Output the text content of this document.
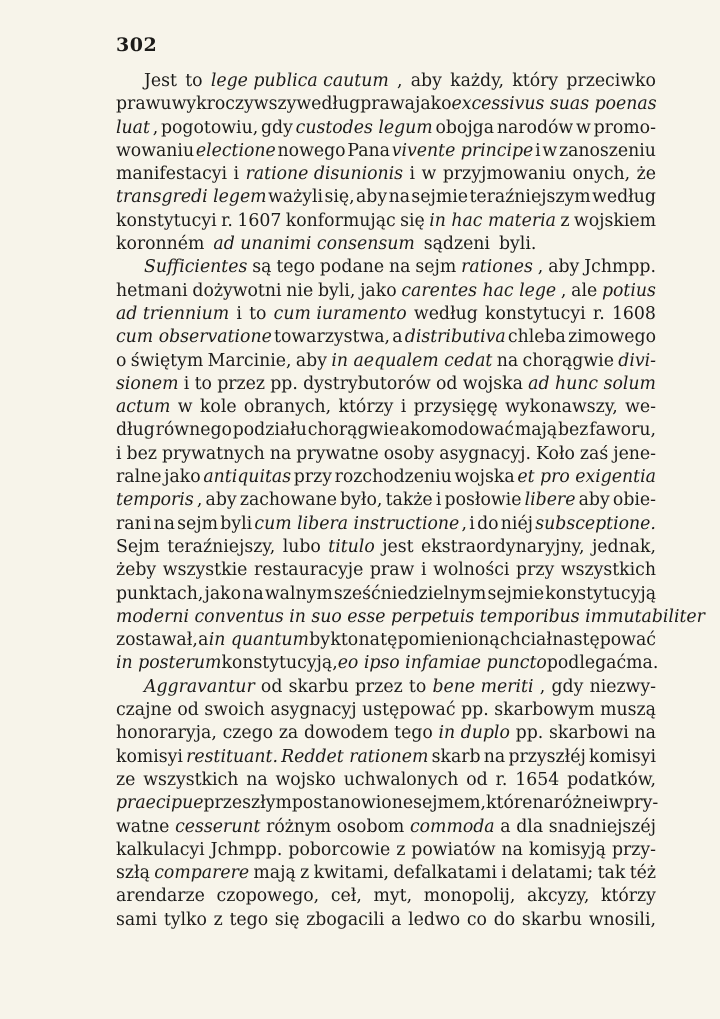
302
Jest to lege publica cautum , aby każdy, który przeciwko
prawu wykroczywszy według prawa jako excessivus suas poenas
luat , pogotowiu, gdy custodes legum obojga narodów w promo-
wowaniu electione nowego Pana vivente principe i w zanoszeniu
manifestacyi i ratione disunionis i w przyjmowaniu onych, że
transgredi legem ważyli się, aby na sejmie teraźniejszym według
konstytucyi r. 1607 konformując się in hac materia z wojskiem
koronném ad unanimi consensum sądzeni byli.
Sufficientes są tego podane na sejm rationes , aby Jchmpp.
hetmani dożywotni nie byli, jako carentes hac lege , ale potius
ad triennium i to cum iuramento według konstytucyi r. 1608
cum observatione towarzystwa, a distributiva chleba zimowego
o świętym Marcinie, aby in aequalem cedat na chorągwie divi-
sionem i to przez pp. dystrybutorów od wojska ad hunc solum
actum w kole obranych, którzy i przysięgę wykonawszy, we-
dług równego podziału chorągwie akomodować mają bez faworu,
i bez prywatnych na prywatne osoby asygnacyj. Koło zaś jene-
ralne jako antiquitas przy rozchodzeniu wojska et pro exigentia
temporis , aby zachowane było, także i posłowie libere aby obie-
rani na sejm byli cum libera instructione , i do niéj subsceptione.
Sejm teraźniejszy, lubo titulo jest ekstraordynaryjny, jednak,
żeby wszystkie restauracyje praw i wolności przy wszystkich
punktach, jako na walnym sześćniedzielnym sejmie konstytucyją
moderni conventus in suo esse perpetuis temporibus immutabiliter
zostawał, a in quantum by kto na tę pomienioną chciał następować
in posterum konstytucyją, eo ipso infamiae puncto podlegać ma.
Aggravantur od skarbu przez to bene meriti , gdy niezwy-
czajne od swoich asygnacyj ustępować pp. skarbowym muszą
honoraryja, czego za dowodem tego in duplo pp. skarbowi na
komisyi restituant. Reddet rationem skarb na przyszłéj komisyi
ze wszystkich na wojsko uchwalonych od r. 1654 podatków,
praecipue przeszłym postanowione sejmem, które na różne i w pry-
watne cesserunt różnym osobom commoda a dla snadniejszéj
kalkulacyi Jchmpp. poborcowie z powiatów na komisyją przy-
szłą comparere mają z kwitami, defalkatami i delatami; tak téż
arendarze czopowego, ceł, myt, monopolij, akcyzy, którzy
sami tylko z tego się zbogacili a ledwo co do skarbu wnosili,
